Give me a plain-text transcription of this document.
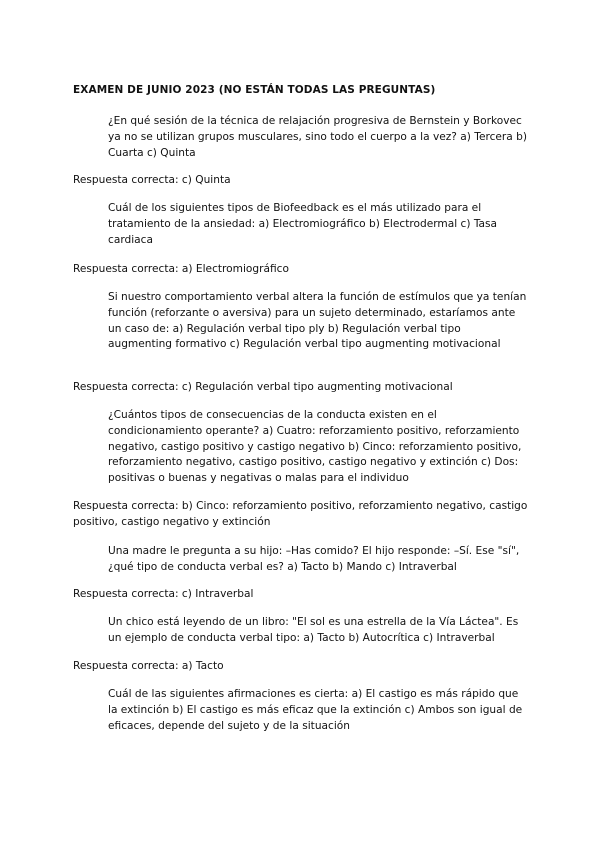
EXAMEN DE JUNIO 2023 (NO ESTÁN TODAS LAS PREGUNTAS)
¿En qué sesión de la técnica de relajación progresiva de Bernstein y Borkovec ya no se utilizan grupos musculares, sino todo el cuerpo a la vez? a) Tercera b) Cuarta c) Quinta
Respuesta correcta: c) Quinta
Cuál de los siguientes tipos de Biofeedback es el más utilizado para el tratamiento de la ansiedad: a) Electromiográfico b) Electrodermal c) Tasa cardiaca
Respuesta correcta: a) Electromiográfico
Si nuestro comportamiento verbal altera la función de estímulos que ya tenían función (reforzante o aversiva) para un sujeto determinado, estaríamos ante un caso de: a) Regulación verbal tipo ply b) Regulación verbal tipo augmenting formativo c) Regulación verbal tipo augmenting motivacional
Respuesta correcta: c) Regulación verbal tipo augmenting motivacional
¿Cuántos tipos de consecuencias de la conducta existen en el condicionamiento operante? a) Cuatro: reforzamiento positivo, reforzamiento negativo, castigo positivo y castigo negativo b) Cinco: reforzamiento positivo, reforzamiento negativo, castigo positivo, castigo negativo y extinción c) Dos: positivas o buenas y negativas o malas para el individuo
Respuesta correcta: b) Cinco: reforzamiento positivo, reforzamiento negativo, castigo positivo, castigo negativo y extinción
Una madre le pregunta a su hijo: –Has comido? El hijo responde: –Sí. Ese "sí", ¿qué tipo de conducta verbal es? a) Tacto b) Mando c) Intraverbal
Respuesta correcta: c) Intraverbal
Un chico está leyendo de un libro: "El sol es una estrella de la Vía Láctea". Es un ejemplo de conducta verbal tipo: a) Tacto b) Autocrítica c) Intraverbal
Respuesta correcta: a) Tacto
Cuál de las siguientes afirmaciones es cierta: a) El castigo es más rápido que la extinción b) El castigo es más eficaz que la extinción c) Ambos son igual de eficaces, depende del sujeto y de la situación
